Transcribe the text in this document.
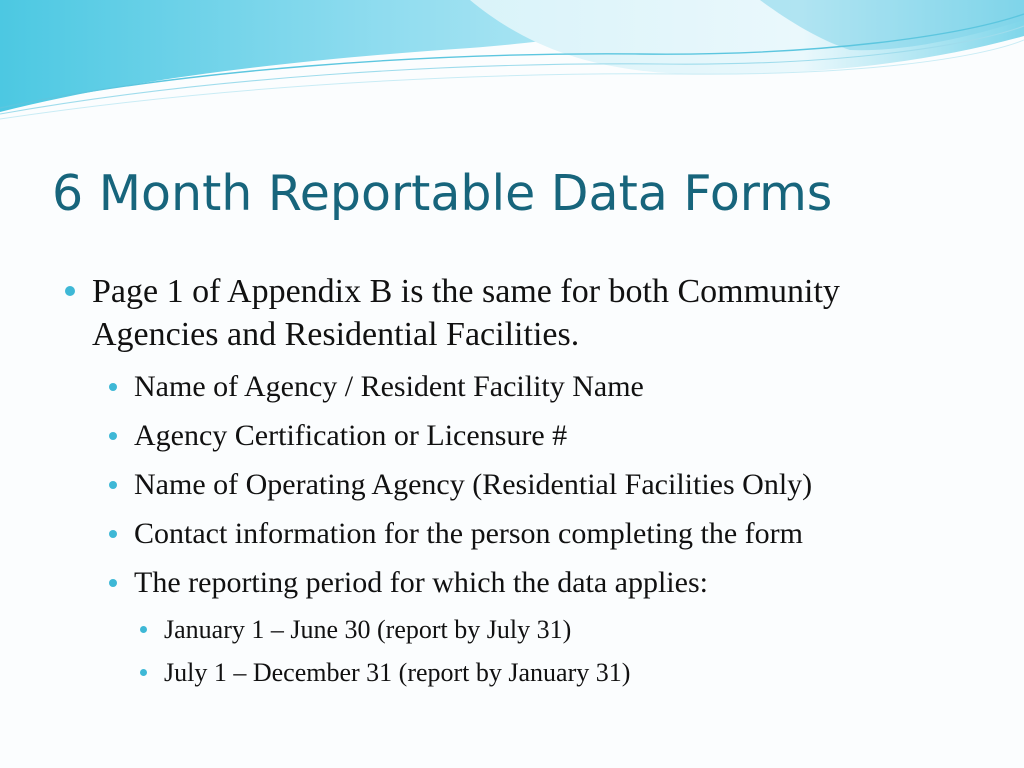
6 Month Reportable Data Forms
Page 1 of Appendix B is the same for both Community
Agencies and Residential Facilities.
Name of Agency / Resident Facility Name
Agency Certification or Licensure #
Name of Operating Agency (Residential Facilities Only)
Contact information for the person completing the form
The reporting period for which the data applies:
January 1 – June 30 (report by July 31)
July 1 – December 31 (report by January 31)
